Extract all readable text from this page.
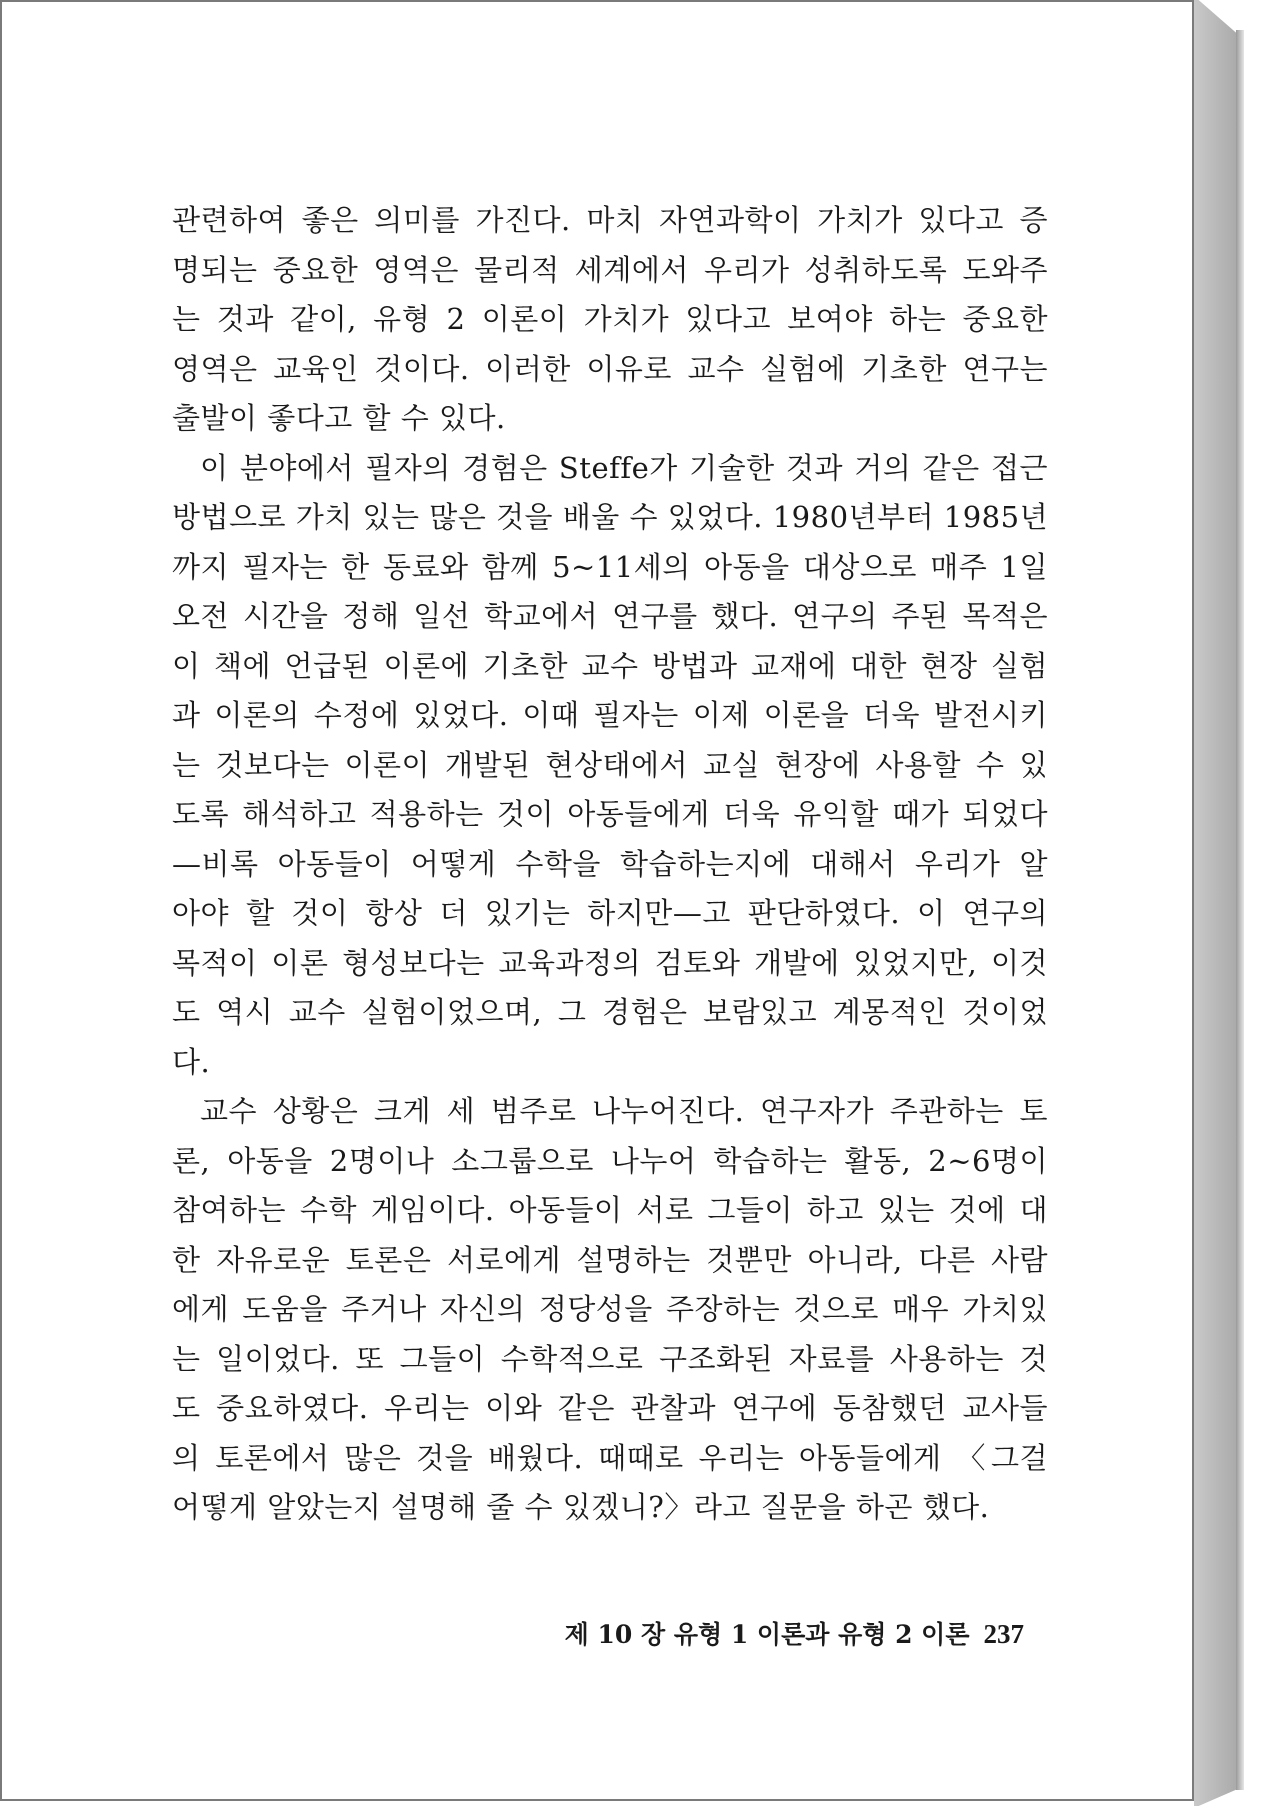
관련하여 좋은 의미를 가진다. 마치 자연과학이 가치가 있다고 증
명되는 중요한 영역은 물리적 세계에서 우리가 성취하도록 도와주
는 것과 같이, 유형 2 이론이 가치가 있다고 보여야 하는 중요한
영역은 교육인 것이다. 이러한 이유로 교수 실험에 기초한 연구는
출발이 좋다고 할 수 있다.
이 분야에서 필자의 경험은 Steffe가 기술한 것과 거의 같은 접근
방법으로 가치 있는 많은 것을 배울 수 있었다. 1980년부터 1985년
까지 필자는 한 동료와 함께 5~11세의 아동을 대상으로 매주 1일
오전 시간을 정해 일선 학교에서 연구를 했다. 연구의 주된 목적은
이 책에 언급된 이론에 기초한 교수 방법과 교재에 대한 현장 실험
과 이론의 수정에 있었다. 이때 필자는 이제 이론을 더욱 발전시키
는 것보다는 이론이 개발된 현상태에서 교실 현장에 사용할 수 있
도록 해석하고 적용하는 것이 아동들에게 더욱 유익할 때가 되었다
—비록 아동들이 어떻게 수학을 학습하는지에 대해서 우리가 알
아야 할 것이 항상 더 있기는 하지만—고 판단하였다. 이 연구의
목적이 이론 형성보다는 교육과정의 검토와 개발에 있었지만, 이것
도 역시 교수 실험이었으며, 그 경험은 보람있고 계몽적인 것이었
다.
교수 상황은 크게 세 범주로 나누어진다. 연구자가 주관하는 토
론, 아동을 2명이나 소그룹으로 나누어 학습하는 활동, 2~6명이
참여하는 수학 게임이다. 아동들이 서로 그들이 하고 있는 것에 대
한 자유로운 토론은 서로에게 설명하는 것뿐만 아니라, 다른 사람
에게 도움을 주거나 자신의 정당성을 주장하는 것으로 매우 가치있
는 일이었다. 또 그들이 수학적으로 구조화된 자료를 사용하는 것
도 중요하였다. 우리는 이와 같은 관찰과 연구에 동참했던 교사들
의 토론에서 많은 것을 배웠다. 때때로 우리는 아동들에게 〈그걸
어떻게 알았는지 설명해 줄 수 있겠니?〉라고 질문을 하곤 했다.
제 10 장 유형 1 이론과 유형 2 이론 237
